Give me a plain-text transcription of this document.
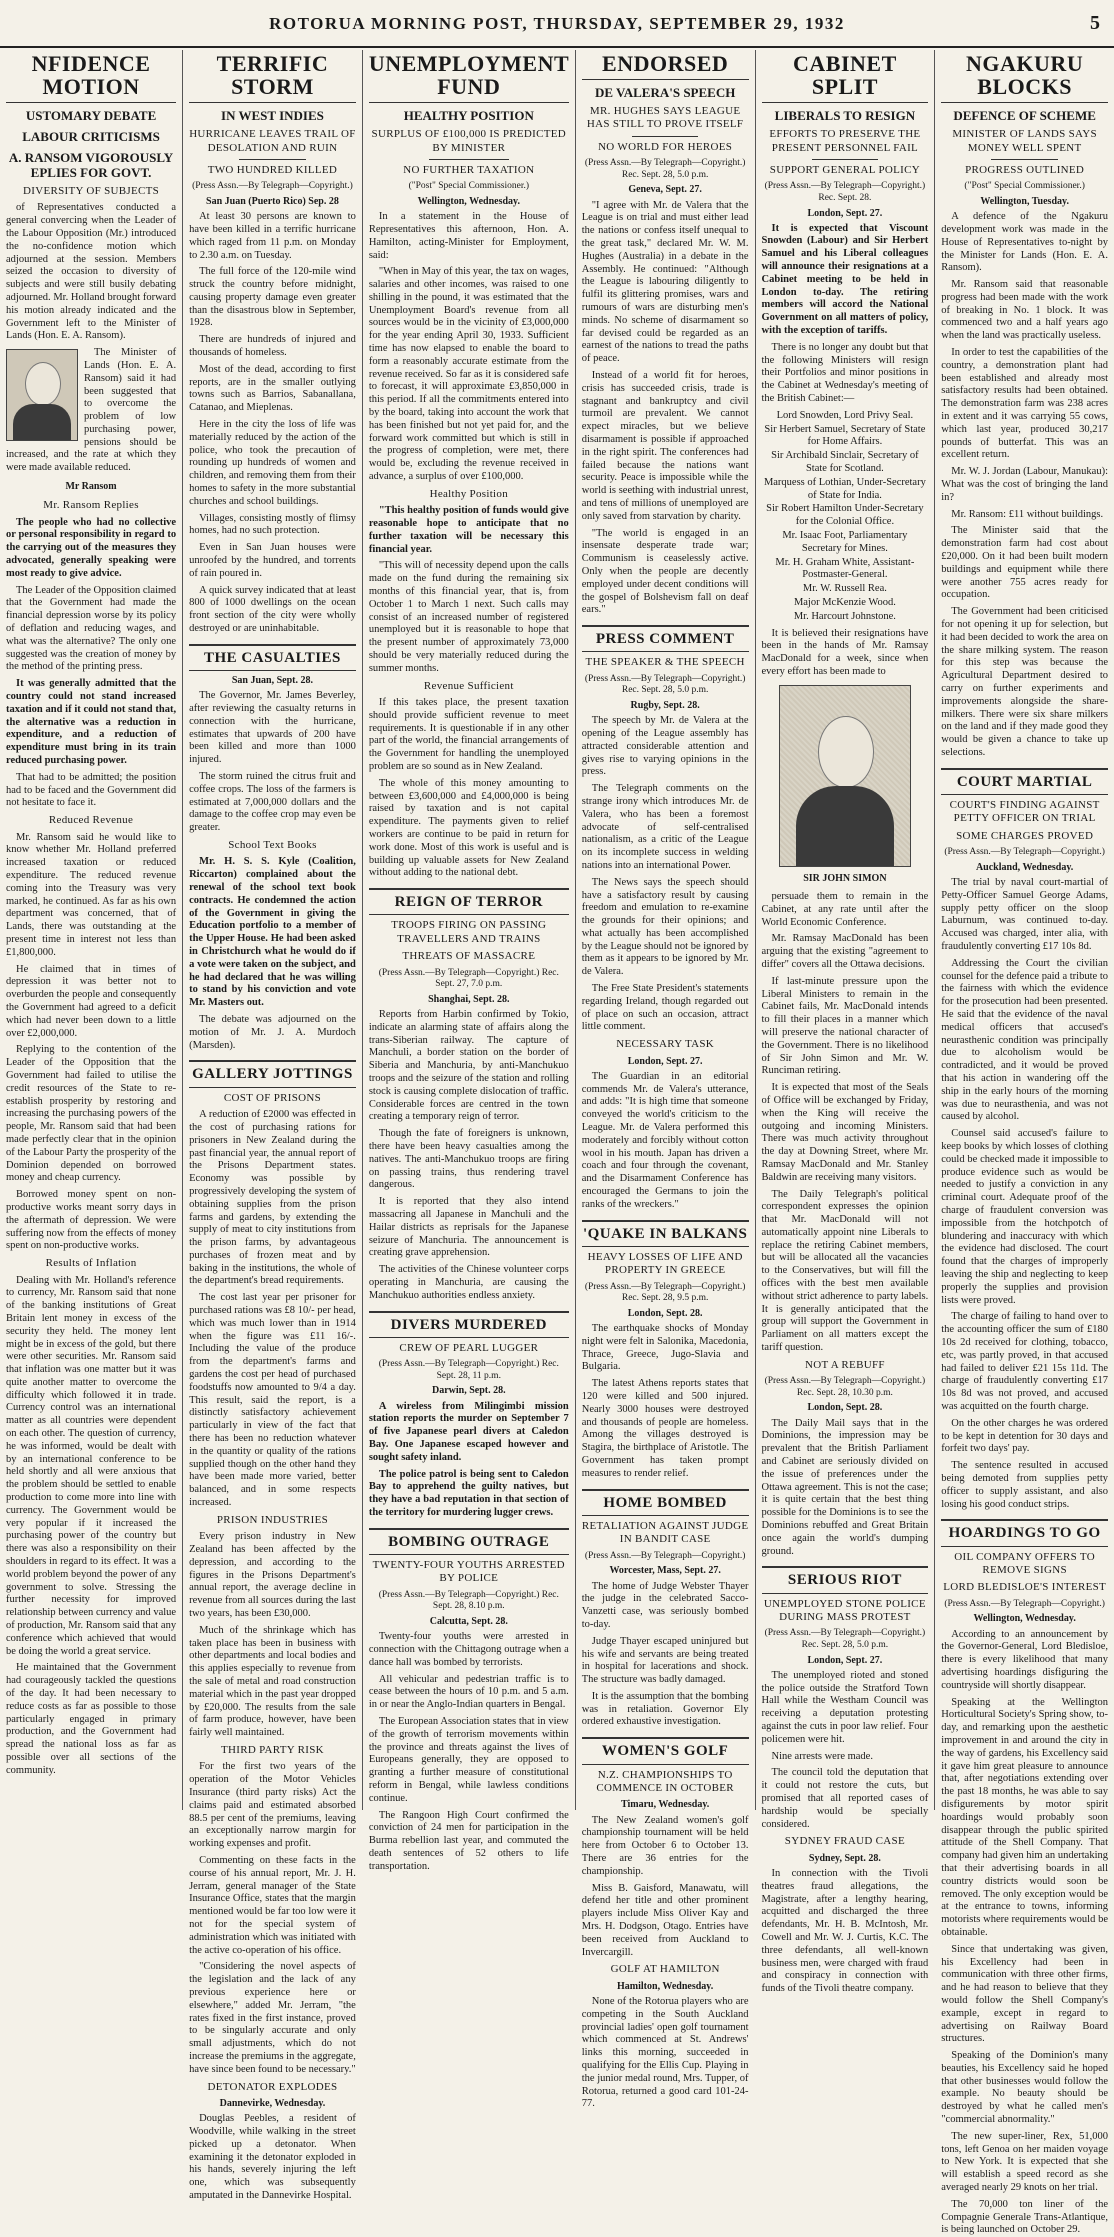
ROTORUA MORNING POST, THURSDAY, SEPTEMBER 29, 1932	5
NFIDENCE MOTION
USTOMARY DEBATE
LABOUR CRITICISMS
A. RANSOM VIGOROUSLY EPLIES FOR GOVT.
DIVERSITY OF SUBJECTS

of Representatives conducted a general convercing when the Leader of the Labour Opposition (Mr.) introduced the no-confidence motion which adjourned at the session. Members seized the occasion to diversity of subjects and were still busily debating adjourned. Mr. Holland brought forward his motion already indicated and the Government left to the Minister of Lands (Hon. E. A. Ransom).

The Minister of Lands (Hon. E. A. Ransom) said it had been suggested that to overcome the problem of low purchasing power, pensions should be increased, and the rate at which they were made available reduced.

Mr Ransom
Mr. Ransom Replies

The people who had no collective or personal responsibility in regard to the carrying out of the measures they advocated, generally speaking were most ready to give advice.

The Leader of the Opposition claimed that the Government had made the financial depression worse by its policy of deflation and reducing wages, and what was the alternative? The only one suggested was the creation of money by the method of the printing press.

It was generally admitted that the country could not stand increased taxation and if it could not stand that, the alternative was a reduction in expenditure, and a reduction of expenditure must bring in its train reduced purchasing power.

That had to be admitted; the position had to be faced and the Government did not hesitate to face it.

Reduced Revenue

Mr. Ransom said he would like to know whether Mr. Holland preferred increased taxation or reduced expenditure. The reduced revenue coming into the Treasury was very marked, he continued. As far as his own department was concerned, that of Lands, there was outstanding at the present time in interest not less than £1,800,000.

He claimed that in times of depression it was better not to overburden the people and consequently the Government had agreed to a deficit which had never been down to a little over £2,000,000.

Replying to the contention of the Leader of the Opposition that the Government had failed to utilise the credit resources of the State to re-establish prosperity by restoring and increasing the purchasing powers of the people, Mr. Ransom said that had been made perfectly clear that in the opinion of the Labour Party the prosperity of the Dominion depended on borrowed money and cheap currency.

Borrowed money spent on non-productive works meant sorry days in the aftermath of depression. We were suffering now from the effects of money spent on non-productive works.

Results of Inflation

Dealing with Mr. Holland's reference to currency, Mr. Ransom said that none of the banking institutions of Great Britain lent money in excess of the security they held. The money lent might be in excess of the gold, but there were other securities. Mr. Ransom said that inflation was one matter but it was quite another matter to overcome the difficulty which followed it in trade. Currency control was an international matter as all countries were dependent on each other. The question of currency, he was informed, would be dealt with by an international conference to be held shortly and all were anxious that the problem should be settled to enable production to come more into line with currency. The Government would be very popular if it increased the purchasing power of the country but there was also a responsibility on their shoulders in regard to its effect. It was a world problem beyond the power of any government to solve. Stressing the further necessity for improved relationship between currency and value of production, Mr. Ransom said that any conference which achieved that would be doing the world a great service.

He maintained that the Government had courageously tackled the questions of the day. It had been necessary to reduce costs as far as possible to those particularly engaged in primary production, and the Government had spread the national loss as far as possible over all sections of the community.

TERRIFIC STORM
IN WEST INDIES
HURRICANE LEAVES TRAIL OF DESOLATION AND RUIN
TWO HUNDRED KILLED
(Press Assn.—By Telegraph—Copyright.)
San Juan (Puerto Rico) Sep. 28

At least 30 persons are known to have been killed in a terrific hurricane which raged from 11 p.m. on Monday to 2.30 a.m. on Tuesday.

The full force of the 120-mile wind struck the country before midnight, causing property damage even greater than the disastrous blow in September, 1928.

There are hundreds of injured and thousands of homeless.

Most of the dead, according to first reports, are in the smaller outlying towns such as Barrios, Sabanallana, Catanao, and Mieplenas.

Here in the city the loss of life was materially reduced by the action of the police, who took the precaution of rounding up hundreds of women and children, and removing them from their homes to safety in the more substantial churches and school buildings.

Villages, consisting mostly of flimsy homes, had no such protection.

Even in San Juan houses were unroofed by the hundred, and torrents of rain poured in.

A quick survey indicated that at least 800 of 1000 dwellings on the ocean front section of the city were wholly destroyed or are uninhabitable.

THE CASUALTIES
San Juan, Sept. 28.

The Governor, Mr. James Beverley, after reviewing the casualty returns in connection with the hurricane, estimates that upwards of 200 have been killed and more than 1000 injured.

The storm ruined the citrus fruit and coffee crops. The loss of the farmers is estimated at 7,000,000 dollars and the damage to the coffee crop may even be greater.

School Text Books

Mr. H. S. S. Kyle (Coalition, Riccarton) complained about the renewal of the school text book contracts. He condemned the action of the Government in giving the Education portfolio to a member of the Upper House. He had been asked in Christchurch what he would do if a vote were taken on the subject, and he had declared that he was willing to stand by his conviction and vote Mr. Masters out.

The debate was adjourned on the motion of Mr. J. A. Murdoch (Marsden).

GALLERY JOTTINGS
COST OF PRISONS

A reduction of £2000 was effected in the cost of purchasing rations for prisoners in New Zealand during the past financial year, the annual report of the Prisons Department states. Economy was possible by progressively developing the system of obtaining supplies from the prison farms and gardens, by extending the supply of meat to city institutions from the prison farms, by advantageous purchases of frozen meat and by baking in the institutions, the whole of the department's bread requirements.

The cost last year per prisoner for purchased rations was £8 10/- per head, which was much lower than in 1914 when the figure was £11 16/-. Including the value of the produce from the department's farms and gardens the cost per head of purchased foodstuffs now amounted to 9/4 a day. This result, said the report, is a distinctly satisfactory achievement particularly in view of the fact that there has been no reduction whatever in the quantity or quality of the rations supplied though on the other hand they have been made more varied, better balanced, and in some respects increased.

PRISON INDUSTRIES

Every prison industry in New Zealand has been affected by the depression, and according to the figures in the Prisons Department's annual report, the average decline in revenue from all sources during the last two years, has been £30,000.

Much of the shrinkage which has taken place has been in business with other departments and local bodies and this applies especially to revenue from the sale of metal and road construction material which in the past year dropped by £20,000. The results from the sale of farm produce, however, have been fairly well maintained.

THIRD PARTY RISK

For the first two years of the operation of the Motor Vehicles Insurance (third party risks) Act the claims paid and estimated absorbed 88.5 per cent of the premiums, leaving an exceptionally narrow margin for working expenses and profit.

Commenting on these facts in the course of his annual report, Mr. J. H. Jerram, general manager of the State Insurance Office, states that the margin mentioned would be far too low were it not for the special system of administration which was initiated with the active co-operation of his office.

"Considering the novel aspects of the legislation and the lack of any previous experience here or elsewhere," added Mr. Jerram, "the rates fixed in the first instance, proved to be singularly accurate and only small adjustments, which do not increase the premiums in the aggregate, have since been found to be necessary."

DETONATOR EXPLODES
Dannevirke, Wednesday.

Douglas Peebles, a resident of Woodville, while walking in the street picked up a detonator. When examining it the detonator exploded in his hands, severely injuring the left one, which was subsequently amputated in the Dannevirke Hospital.

UNEMPLOYMENT FUND
HEALTHY POSITION
SURPLUS OF £100,000 IS PREDICTED BY MINISTER
NO FURTHER TAXATION
("Post" Special Commissioner.)
Wellington, Wednesday.

In a statement in the House of Representatives this afternoon, Hon. A. Hamilton, acting-Minister for Employment, said:

"When in May of this year, the tax on wages, salaries and other incomes, was raised to one shilling in the pound, it was estimated that the Unemployment Board's revenue from all sources would be in the vicinity of £3,000,000 for the year ending April 30, 1933. Sufficient time has now elapsed to enable the board to form a reasonably accurate estimate from the revenue received. So far as it is considered safe to forecast, it will approximate £3,850,000 in this period. If all the commitments entered into by the board, taking into account the work that has been finished but not yet paid for, and the forward work committed but which is still in the progress of completion, were met, there would be, excluding the revenue received in advance, a surplus of over £100,000.

Healthy Position

"This healthy position of funds would give reasonable hope to anticipate that no further taxation will be necessary this financial year.

"This will of necessity depend upon the calls made on the fund during the remaining six months of this financial year, that is, from October 1 to March 1 next. Such calls may consist of an increased number of registered unemployed but it is reasonable to hope that the present number of approximately 73,000 should be very materially reduced during the summer months.

Revenue Sufficient

If this takes place, the present taxation should provide sufficient revenue to meet requirements. It is questionable if in any other part of the world, the financial arrangements of the Government for handling the unemployed problem are so sound as in New Zealand.

The whole of this money amounting to between £3,600,000 and £4,000,000 is being raised by taxation and is not capital expenditure. The payments given to relief workers are continue to be paid in return for work done. Most of this work is useful and is building up valuable assets for New Zealand without adding to the national debt.

REIGN OF TERROR
TROOPS FIRING ON PASSING TRAVELLERS AND TRAINS
THREATS OF MASSACRE
(Press Assn.—By Telegraph—Copyright.) Rec. Sept. 27, 7.0 p.m.
Shanghai, Sept. 28.

Reports from Harbin confirmed by Tokio, indicate an alarming state of affairs along the trans-Siberian railway. The capture of Manchuli, a border station on the border of Siberia and Manchuria, by anti-Manchukuo troops and the seizure of the station and rolling stock is causing complete dislocation of traffic. Considerable forces are centred in the town creating a temporary reign of terror.

Though the fate of foreigners is unknown, there have been heavy casualties among the natives. The anti-Manchukuo troops are firing on passing trains, thus rendering travel dangerous.

It is reported that they also intend massacring all Japanese in Manchuli and the Hailar districts as reprisals for the Japanese seizure of Manchuria. The announcement is creating grave apprehension.

The activities of the Chinese volunteer corps operating in Manchuria, are causing the Manchukuo authorities endless anxiety.

DIVERS MURDERED
CREW OF PEARL LUGGER
(Press Assn.—By Telegraph—Copyright.) Rec. Sept. 28, 11 p.m.
Darwin, Sept. 28.

A wireless from Milingimbi mission station reports the murder on September 7 of five Japanese pearl divers at Caledon Bay. One Japanese escaped however and sought safety inland.

The police patrol is being sent to Caledon Bay to apprehend the guilty natives, but they have a bad reputation in that section of the territory for murdering lugger crews.

BOMBING OUTRAGE
TWENTY-FOUR YOUTHS ARRESTED BY POLICE
(Press Assn.—By Telegraph—Copyright.) Rec. Sept. 28, 8.10 p.m.
Calcutta, Sept. 28.

Twenty-four youths were arrested in connection with the Chittagong outrage when a dance hall was bombed by terrorists.

All vehicular and pedestrian traffic is to cease between the hours of 10 p.m. and 5 a.m. in or near the Anglo-Indian quarters in Bengal.

The European Association states that in view of the growth of terrorism movements within the province and threats against the lives of Europeans generally, they are opposed to granting a further measure of constitutional reform in Bengal, while lawless conditions continue.

The Rangoon High Court confirmed the conviction of 24 men for participation in the Burma rebellion last year, and commuted the death sentences of 52 others to life transportation.

ENDORSED
DE VALERA'S SPEECH
MR. HUGHES SAYS LEAGUE HAS STILL TO PROVE ITSELF
NO WORLD FOR HEROES
(Press Assn.—By Telegraph—Copyright.) Rec. Sept. 28, 5.0 p.m.
Geneva, Sept. 27.

"I agree with Mr. de Valera that the League is on trial and must either lead the nations or confess itself unequal to the great task," declared Mr. W. M. Hughes (Australia) in a debate in the Assembly. He continued: "Although the League is labouring diligently to fulfil its glittering promises, wars and rumours of wars are disturbing men's minds. No scheme of disarmament so far devised could be regarded as an earnest of the nations to tread the paths of peace.

Instead of a world fit for heroes, crisis has succeeded crisis, trade is stagnant and bankruptcy and civil turmoil are prevalent. We cannot expect miracles, but we believe disarmament is possible if approached in the right spirit. The conferences had failed because the nations want security. Peace is impossible while the world is seething with industrial unrest, and tens of millions of unemployed are only saved from starvation by charity.

"The world is engaged in an insensate desperate trade war; Communism is ceaselessly active. Only when the people are decently employed under decent conditions will the gospel of Bolshevism fall on deaf ears."

PRESS COMMENT
THE SPEAKER & THE SPEECH
(Press Assn.—By Telegraph—Copyright.) Rec. Sept. 28, 5.0 p.m.
Rugby, Sept. 28.

The speech by Mr. de Valera at the opening of the League assembly has attracted considerable attention and gives rise to varying opinions in the press.

The Telegraph comments on the strange irony which introduces Mr. de Valera, who has been a foremost advocate of self-centralised nationalism, as a critic of the League on its incomplete success in welding nations into an international Power.

The News says the speech should have a satisfactory result by causing freedom and emulation to re-examine the grounds for their opinions; and what actually has been accomplished by the League should not be ignored by them as it appears to be ignored by Mr. de Valera.

The Free State President's statements regarding Ireland, though regarded out of place on such an occasion, attract little comment.

NECESSARY TASK
London, Sept. 27.

The Guardian in an editorial commends Mr. de Valera's utterance, and adds: "It is high time that someone conveyed the world's criticism to the League. Mr. de Valera performed this moderately and forcibly without cotton wool in his mouth. Japan has driven a coach and four through the covenant, and the Disarmament Conference has encouraged the Germans to join the ranks of the wreckers."

'QUAKE IN BALKANS
HEAVY LOSSES OF LIFE AND PROPERTY IN GREECE
(Press Assn.—By Telegraph—Copyright.) Rec. Sept. 28, 9.5 p.m.
London, Sept. 28.

The earthquake shocks of Monday night were felt in Salonika, Macedonia, Thrace, Greece, Jugo-Slavia and Bulgaria.

The latest Athens reports states that 120 were killed and 500 injured. Nearly 3000 houses were destroyed and thousands of people are homeless. Among the villages destroyed is Stagira, the birthplace of Aristotle. The Government has taken prompt measures to render relief.

HOME BOMBED
RETALIATION AGAINST JUDGE IN BANDIT CASE
(Press Assn.—By Telegraph—Copyright.)
Worcester, Mass, Sept. 27.

The home of Judge Webster Thayer the judge in the celebrated Sacco-Vanzetti case, was seriously bombed to-day.

Judge Thayer escaped uninjured but his wife and servants are being treated in hospital for lacerations and shock. The structure was badly damaged.

It is the assumption that the bombing was in retaliation. Governor Ely ordered exhaustive investigation.

WOMEN'S GOLF
N.Z. CHAMPIONSHIPS TO COMMENCE IN OCTOBER
Timaru, Wednesday.

The New Zealand women's golf championship tournament will be held here from October 6 to October 13. There are 36 entries for the championship.

Miss B. Gaisford, Manawatu, will defend her title and other prominent players include Miss Oliver Kay and Mrs. H. Dodgson, Otago. Entries have been received from Auckland to Invercargill.

GOLF AT HAMILTON
Hamilton, Wednesday.

None of the Rotorua players who are competing in the South Auckland provincial ladies' open golf tournament which commenced at St. Andrews' links this morning, succeeded in qualifying for the Ellis Cup. Playing in the junior medal round, Mrs. Tupper, of Rotorua, returned a good card 101-24-77.

CABINET SPLIT
LIBERALS TO RESIGN
EFFORTS TO PRESERVE THE PRESENT PERSONNEL FAIL
SUPPORT GENERAL POLICY
(Press Assn.—By Telegraph—Copyright.) Rec. Sept. 28.
London, Sept. 27.

It is expected that Viscount Snowden (Labour) and Sir Herbert Samuel and his Liberal colleagues will announce their resignations at a Cabinet meeting to be held in London to-day. The retiring members will accord the National Government on all matters of policy, with the exception of tariffs.

There is no longer any doubt but that the following Ministers will resign their Portfolios and minor positions in the Cabinet at Wednesday's meeting of the British Cabinet:—

Lord Snowden, Lord Privy Seal.
Sir Herbert Samuel, Secretary of State for Home Affairs.
Sir Archibald Sinclair, Secretary of State for Scotland.
Marquess of Lothian, Under-Secretary of State for India.
Sir Robert Hamilton Under-Secretary for the Colonial Office.
Mr. Isaac Foot, Parliamentary Secretary for Mines.
Mr. H. Graham White, Assistant-Postmaster-General.
Mr. W. Russell Rea.
Major McKenzie Wood.
Mr. Harcourt Johnstone.

It is believed their resignations have been in the hands of Mr. Ramsay MacDonald for a week, since when every effort has been made to

SIR JOHN SIMON

persuade them to remain in the Cabinet, at any rate until after the World Economic Conference.

Mr. Ramsay MacDonald has been arguing that the existing "agreement to differ" covers all the Ottawa decisions.

If last-minute pressure upon the Liberal Ministers to remain in the Cabinet fails, Mr. MacDonald intends to fill their places in a manner which will preserve the national character of the Government. There is no likelihood of Sir John Simon and Mr. W. Runciman retiring.

It is expected that most of the Seals of Office will be exchanged by Friday, when the King will receive the outgoing and incoming Ministers. There was much activity throughout the day at Downing Street, where Mr. Ramsay MacDonald and Mr. Stanley Baldwin are receiving many visitors.

The Daily Telegraph's political correspondent expresses the opinion that Mr. MacDonald will not automatically appoint nine Liberals to replace the retiring Cabinet members, but will be allocated all the vacancies to the Conservatives, but will fill the offices with the best men available without strict adherence to party labels. It is generally anticipated that the group will support the Government in Parliament on all matters except the tariff question.

NOT A REBUFF
(Press Assn.—By Telegraph—Copyright.) Rec. Sept. 28, 10.30 p.m.
London, Sept. 28.

The Daily Mail says that in the Dominions, the impression may be prevalent that the British Parliament and Cabinet are seriously divided on the issue of preferences under the Ottawa agreement. This is not the case; it is quite certain that the best thing possible for the Dominions is to see the Dominions rebuffed and Great Britain once again the world's dumping ground.

SERIOUS RIOT
UNEMPLOYED STONE POLICE DURING MASS PROTEST
(Press Assn.—By Telegraph—Copyright.) Rec. Sept. 28, 5.0 p.m.
London, Sept. 27.

The unemployed rioted and stoned the police outside the Stratford Town Hall while the Westham Council was receiving a deputation protesting against the cuts in poor law relief. Four policemen were hit.

Nine arrests were made.

The council told the deputation that it could not restore the cuts, but promised that all reported cases of hardship would be specially considered.

SYDNEY FRAUD CASE
Sydney, Sept. 28.

In connection with the Tivoli theatres fraud allegations, the Magistrate, after a lengthy hearing, acquitted and discharged the three defendants, Mr. H. B. McIntosh, Mr. Cowell and Mr. W. J. Curtis, K.C. The three defendants, all well-known business men, were charged with fraud and conspiracy in connection with funds of the Tivoli theatre company.

NGAKURU BLOCKS
DEFENCE OF SCHEME
MINISTER OF LANDS SAYS MONEY WELL SPENT
PROGRESS OUTLINED
("Post" Special Commissioner.)
Wellington, Tuesday.

A defence of the Ngakuru development work was made in the House of Representatives to-night by the Minister for Lands (Hon. E. A. Ransom).

Mr. Ransom said that reasonable progress had been made with the work of breaking in No. 1 block. It was commenced two and a half years ago when the land was practically useless.

In order to test the capabilities of the country, a demonstration plant had been established and already most satisfactory results had been obtained. The demonstration farm was 238 acres in extent and it was carrying 55 cows, which last year, produced 30,217 pounds of butterfat. This was an excellent return.

Mr. W. J. Jordan (Labour, Manukau): What was the cost of bringing the land in?

Mr. Ransom: £11 without buildings.

The Minister said that the demonstration farm had cost about £20,000. On it had been built modern buildings and equipment while there were another 755 acres ready for occupation.

The Government had been criticised for not opening it up for selection, but it had been decided to work the area on the share milking system. The reason for this step was because the Agricultural Department desired to carry on further experiments and improvements alongside the share-milkers. There were six share milkers on the land and if they made good they would be given a chance to take up selections.

COURT MARTIAL
COURT'S FINDING AGAINST PETTY OFFICER ON TRIAL
SOME CHARGES PROVED
(Press Assn.—By Telegraph—Copyright.)
Auckland, Wednesday.

The trial by naval court-martial of Petty-Officer Samuel George Adams, supply petty officer on the sloop Laburnum, was continued to-day. Accused was charged, inter alia, with fraudulently converting £17 10s 8d.

Addressing the Court the civilian counsel for the defence paid a tribute to the fairness with which the evidence for the prosecution had been presented. He said that the evidence of the naval medical officers that accused's neurasthenic condition was principally due to alcoholism would be contradicted, and it would be proved that his action in wandering off the ship in the early hours of the morning was due to neurasthenia, and was not caused by alcohol.

Counsel said accused's failure to keep books by which losses of clothing could be checked made it impossible to produce evidence such as would be needed to justify a conviction in any criminal court. Adequate proof of the charge of fraudulent conversion was impossible from the hotchpotch of blundering and inaccuracy with which the evidence had disclosed. The court found that the charges of improperly leaving the ship and neglecting to keep properly the supplies and provision lists were proved.

The charge of failing to hand over to the accounting officer the sum of £180 10s 2d received for clothing, tobacco, etc, was partly proved, in that accused had failed to deliver £21 15s 11d. The charge of fraudulently converting £17 10s 8d was not proved, and accused was acquitted on the fourth charge.

On the other charges he was ordered to be kept in detention for 30 days and forfeit two days' pay.

The sentence resulted in accused being demoted from supplies petty officer to supply assistant, and also losing his good conduct strips.

HOARDINGS TO GO
OIL COMPANY OFFERS TO REMOVE SIGNS
LORD BLEDISLOE'S INTEREST
(Press Assn.—By Telegraph—Copyright.)
Wellington, Wednesday.

According to an announcement by the Governor-General, Lord Bledisloe, there is every likelihood that many advertising hoardings disfiguring the countryside will shortly disappear.

Speaking at the Wellington Horticultural Society's Spring show, to-day, and remarking upon the aesthetic improvement in and around the city in the way of gardens, his Excellency said it gave him great pleasure to announce that, after negotiations extending over the past 18 months, he was able to say disfigurements by motor spirit hoardings would probably soon disappear through the public spirited attitude of the Shell Company. That company had given him an undertaking that their advertising boards in all country districts would soon be removed. The only exception would be at the entrance to towns, informing motorists where requirements would be obtainable.

Since that undertaking was given, his Excellency had been in communication with three other firms, and he had reason to believe that they would follow the Shell Company's example, except in regard to advertising on Railway Board structures.

Speaking of the Dominion's many beauties, his Excellency said he hoped that other businesses would follow the example. No beauty should be destroyed by what he called men's "commercial abnormality."

The new super-liner, Rex, 51,000 tons, left Genoa on her maiden voyage to New York. It is expected that she will establish a speed record as she averaged nearly 29 knots on her trial.

The 70,000 ton liner of the Compagnie Generale Trans-Atlantique, is being launched on October 29.
